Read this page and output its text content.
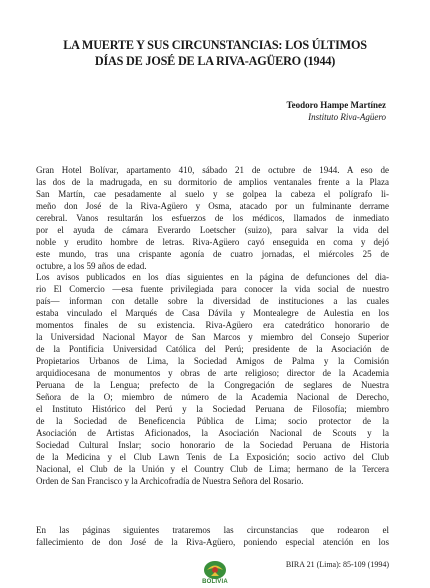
LA MUERTE Y SUS CIRCUNSTANCIAS: LOS ÚLTIMOS
DÍAS DE JOSÉ DE LA RIVA-AGÜERO (1944)
Teodoro Hampe Martínez
Instituto Riva-Agüero
Gran Hotel Bolívar, apartamento 410, sábado 21 de octubre de 1944. A eso de
las dos de la madrugada, en su dormitorio de amplios ventanales frente a la Plaza
San Martín, cae pesadamente al suelo y se golpea la cabeza el polígrafo li-
meño don José de la Riva-Agüero y Osma, atacado por un fulminante derrame
cerebral. Vanos resultarán los esfuerzos de los médicos, llamados de inmediato
por el ayuda de cámara Everardo Loetscher (suizo), para salvar la vida del
noble y erudito hombre de letras. Riva-Agüero cayó enseguida en coma y dejó
este mundo, tras una crispante agonía de cuatro jornadas, el miércoles 25 de
octubre, a los 59 años de edad.
Los avisos publicados en los días siguientes en la página de defunciones del dia-
rio El Comercio —esa fuente privilegiada para conocer la vida social de nuestro
país— informan con detalle sobre la diversidad de instituciones a las cuales
estaba vinculado el Marqués de Casa Dávila y Montealegre de Aulestia en los
momentos finales de su existencia. Riva-Agüero era catedrático honorario de
la Universidad Nacional Mayor de San Marcos y miembro del Consejo Superior
de la Pontificia Universidad Católica del Perú; presidente de la Asociación de
Propietarios Urbanos de Lima, la Sociedad Amigos de Palma y la Comisión
arquidiocesana de monumentos y obras de arte religioso; director de la Academia
Peruana de la Lengua; prefecto de la Congregación de seglares de Nuestra
Señora de la O; miembro de número de la Academia Nacional de Derecho,
el Instituto Histórico del Perú y la Sociedad Peruana de Filosofía; miembro
de la Sociedad de Beneficencia Pública de Lima; socio protector de la
Asociación de Artistas Aficionados, la Asociación Nacional de Scouts y la
Sociedad Cultural Inslar; socio honorario de la Sociedad Peruana de Historia
de la Medicina y el Club Lawn Tenis de La Exposición; socio activo del Club
Nacional, el Club de la Unión y el Country Club de Lima; hermano de la Tercera
Orden de San Francisco y la Archicofradía de Nuestra Señora del Rosario.
En las páginas siguientes trataremos las circunstancias que rodearon el
fallecimiento de don José de la Riva-Agüero, poniendo especial atención en los
BOLIVIA
BIRA 21 (Lima): 85-109 (1994)
